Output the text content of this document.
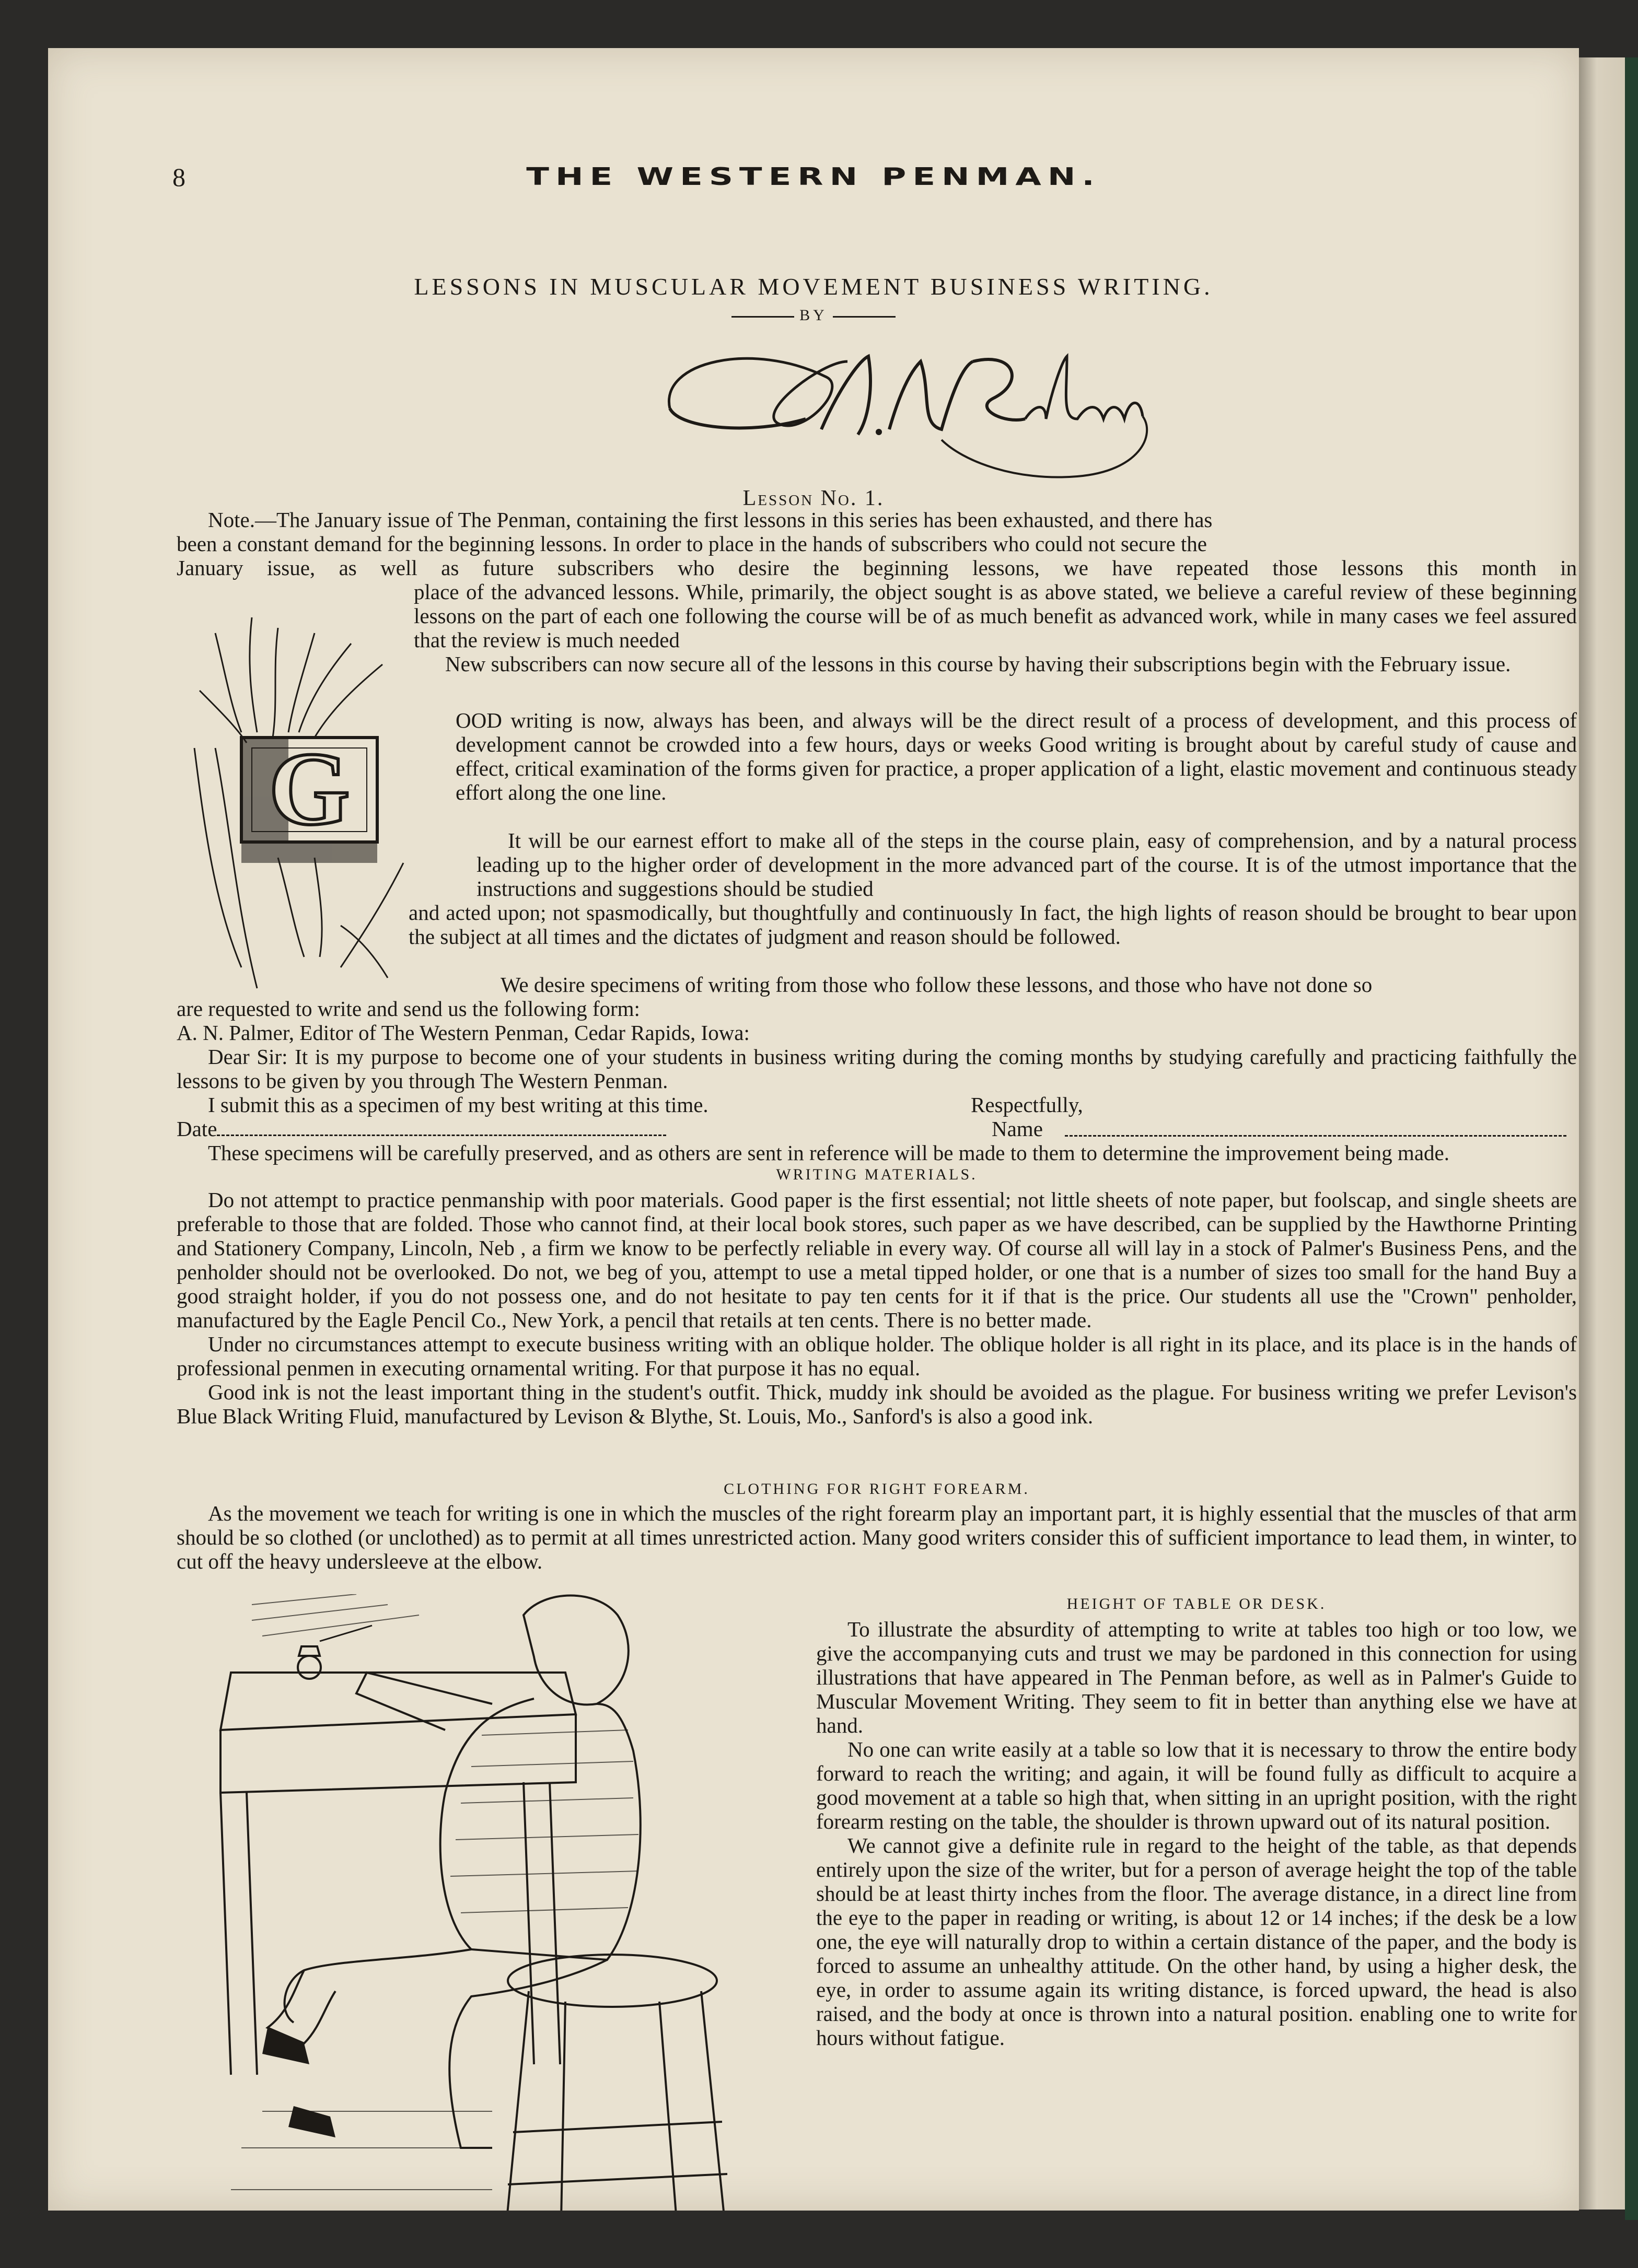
8	THE WESTERN PENMAN.
LESSONS IN MUSCULAR MOVEMENT BUSINESS WRITING.
BY
Lesson No. 1.
Note.—The January issue of The Penman, containing the first lessons in this series has been exhausted, and there has
been a constant demand for the beginning lessons. In order to place in the hands of subscribers who could not secure the
January issue, as well as future subscribers who desire the beginning lessons, we have repeated those lessons this month in
G
place of the advanced lessons. While, primarily, the object sought is as above stated, we believe a careful review of these beginning lessons on the part of each one following the course will be of as much benefit as advanced work, while in many cases we feel assured that the review is much needed
New subscribers can now secure all of the lessons in this course by having their subscriptions begin with the February issue.
OOD writing is now, always has been, and always will be the direct result of a process of development, and this process of development cannot be crowded into a few hours, days or weeks Good writing is brought about by careful study of cause and effect, critical examination of the forms given for practice, a proper application of a light, elastic movement and continuous steady effort along the one line.
It will be our earnest effort to make all of the steps in the course plain, easy of comprehension, and by a natural process leading up to the higher order of development in the more advanced part of the course. It is of the utmost importance that the instructions and suggestions should be studied
and acted upon; not spasmodically, but thoughtfully and continuously In fact, the high lights of reason should be brought to bear upon the subject at all times and the dictates of judgment and reason should be followed.
We desire specimens of writing from those who follow these lessons, and those who have not done so
are requested to write and send us the following form:
A. N. Palmer, Editor of The Western Penman, Cedar Rapids, Iowa:
Dear Sir: It is my purpose to become one of your students in business writing during the coming months by studying carefully and practicing faithfully the lessons to be given by you through The Western Penman.
I submit this as a specimen of my best writing at this time.	Respectfully,
Date	Name
These specimens will be carefully preserved, and as others are sent in reference will be made to them to determine the improvement being made.
WRITING MATERIALS.
Do not attempt to practice penmanship with poor materials. Good paper is the first essential; not little sheets of note paper, but foolscap, and single sheets are preferable to those that are folded. Those who cannot find, at their local book stores, such paper as we have described, can be supplied by the Hawthorne Printing and Stationery Company, Lincoln, Neb , a firm we know to be perfectly reliable in every way. Of course all will lay in a stock of Palmer's Business Pens, and the penholder should not be overlooked. Do not, we beg of you, attempt to use a metal tipped holder, or one that is a number of sizes too small for the hand Buy a good straight holder, if you do not possess one, and do not hesitate to pay ten cents for it if that is the price. Our students all use the "Crown" penholder, manufactured by the Eagle Pencil Co., New York, a pencil that retails at ten cents. There is no better made.
Under no circumstances attempt to execute business writing with an oblique holder. The oblique holder is all right in its place, and its place is in the hands of professional penmen in executing ornamental writing. For that purpose it has no equal.
Good ink is not the least important thing in the student's outfit. Thick, muddy ink should be avoided as the plague. For business writing we prefer Levison's Blue Black Writing Fluid, manufactured by Levison & Blythe, St. Louis, Mo., Sanford's is also a good ink.
CLOTHING FOR RIGHT FOREARM.
As the movement we teach for writing is one in which the muscles of the right forearm play an important part, it is highly essential that the muscles of that arm should be so clothed (or unclothed) as to permit at all times unrestricted action. Many good writers consider this of sufficient importance to lead them, in winter, to cut off the heavy undersleeve at the elbow.
HEIGHT OF TABLE OR DESK.
To illustrate the absurdity of attempting to write at tables too high or too low, we give the accompanying cuts and trust we may be pardoned in this connection for using illustrations that have appeared in The Penman before, as well as in Palmer's Guide to Muscular Movement Writing. They seem to fit in better than anything else we have at hand.
No one can write easily at a table so low that it is necessary to throw the entire body forward to reach the writing; and again, it will be found fully as difficult to acquire a good movement at a table so high that, when sitting in an upright position, with the right forearm resting on the table, the shoulder is thrown upward out of its natural position.
We cannot give a definite rule in regard to the height of the table, as that depends entirely upon the size of the writer, but for a person of average height the top of the table should be at least thirty inches from the floor. The average distance, in a direct line from the eye to the paper in reading or writing, is about 12 or 14 inches; if the desk be a low one, the eye will naturally drop to within a certain distance of the paper, and the body is forced to assume an unhealthy attitude. On the other hand, by using a higher desk, the eye, in order to assume again its writing distance, is forced upward, the head is also raised, and the body at once is thrown into a natural position. enabling one to write for hours without fatigue.
